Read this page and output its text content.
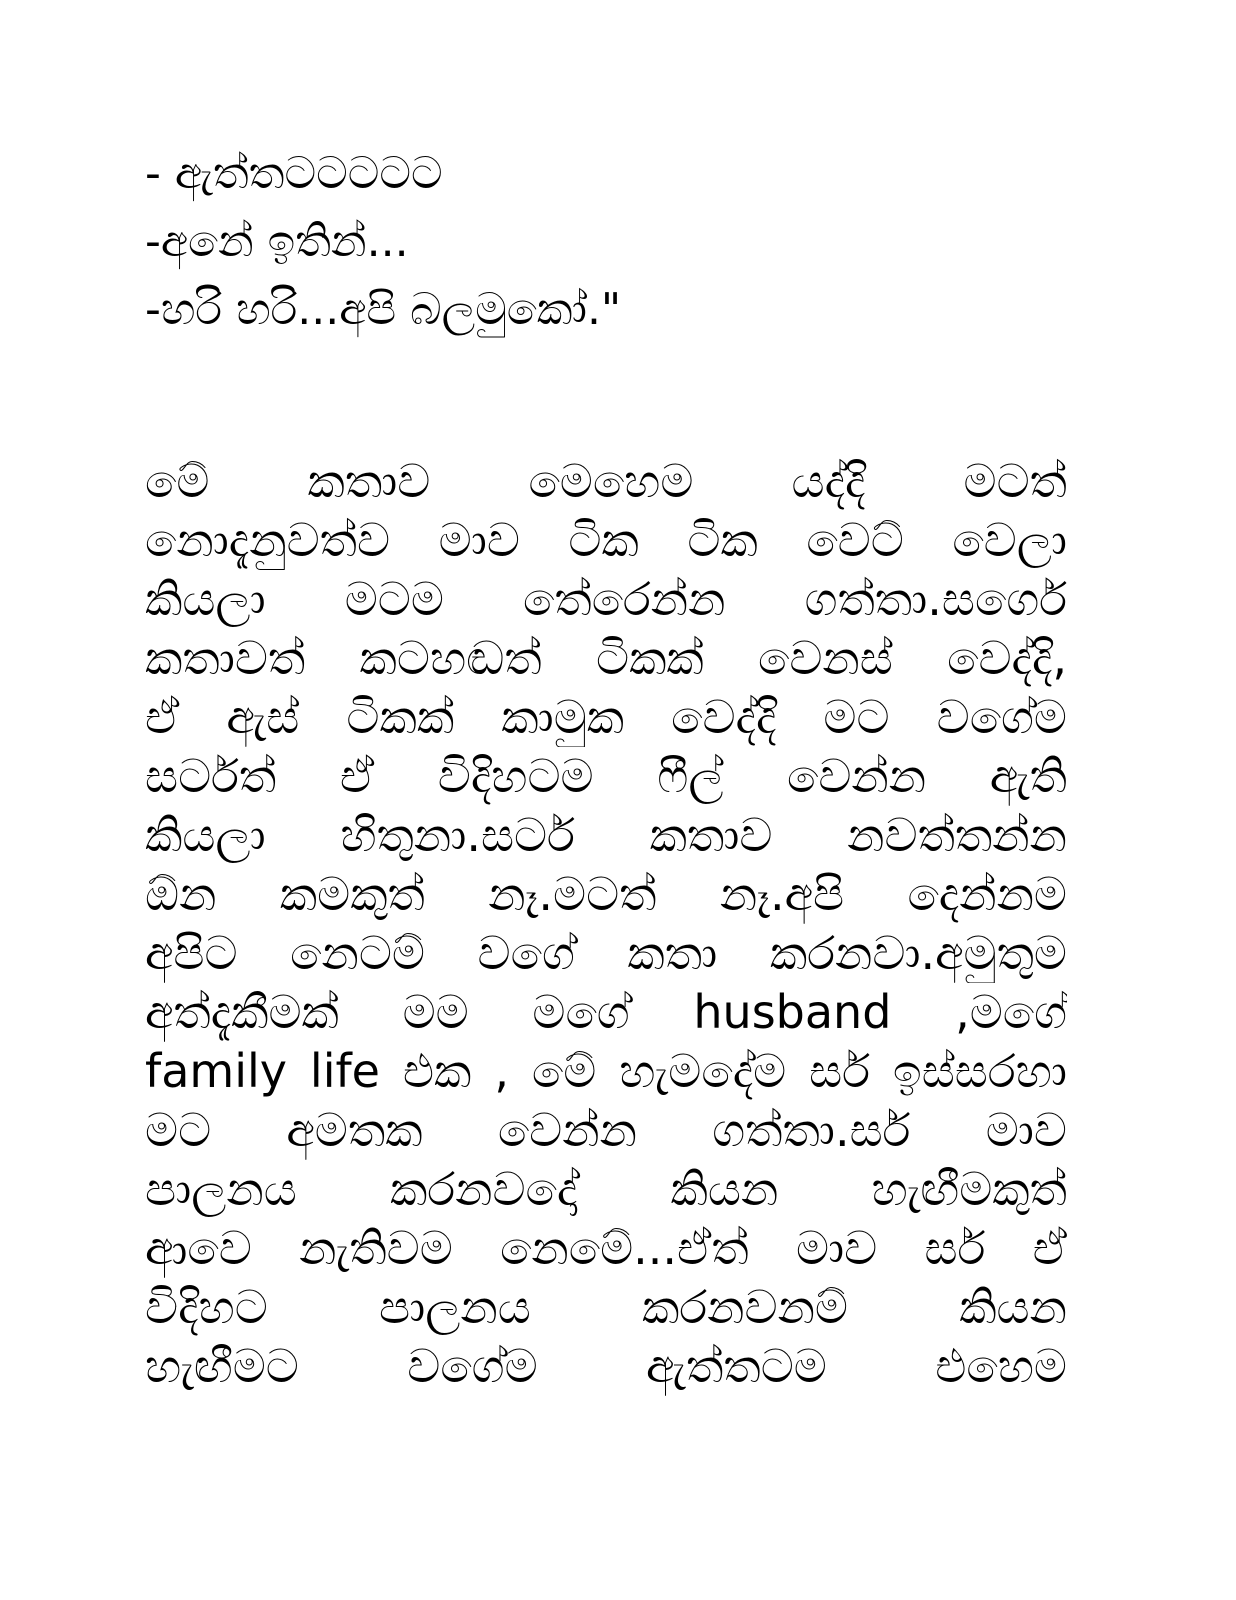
- ඇත්තටටටටට
-අනේ ඉතින්...
-හරි හරි...අපි බලමුකෝ."
මේ කතාව මෙහෙම යද්දි මටත්
නොදැනුවත්ව මාව ටික ටික වෙට් වෙලා
කියලා මටම තේරෙන්න ගත්තා.සර්ගෙ
කතාවත් කටහඬත් ටිකක් වෙනස් වෙද්දි,
ඒ ඇස් ටිකක් කාමුක වෙද්දි මට වගේම
සර්ටත් ඒ විදිහටම ෆීල් වෙන්න ඇති
කියලා හිතුනා.සර්ට කතාව නවත්තන්න
ඕන කමකුත් නෑ.මටත් නෑ.අපි දෙන්නම
අපිට නෙටම් වගේ කතා කරනවා.අමුතුම
අත්දැකීමක් මම මගේ husband ,මගේ
family life එක , මේ හැමදේම සර් ඉස්සරහා
මට අමතක වෙන්න ගත්තා.සර් මාව
පාලනය කරනවදෝ කියන හැඟීමකුත්
ආවෙ නැතිවම නෙමේ...ඒත් මාව සර් ඒ
විදිහට පාලනය කරනවනම් කියන
හැඟීමට වගේම ඇත්තටම එහෙම
